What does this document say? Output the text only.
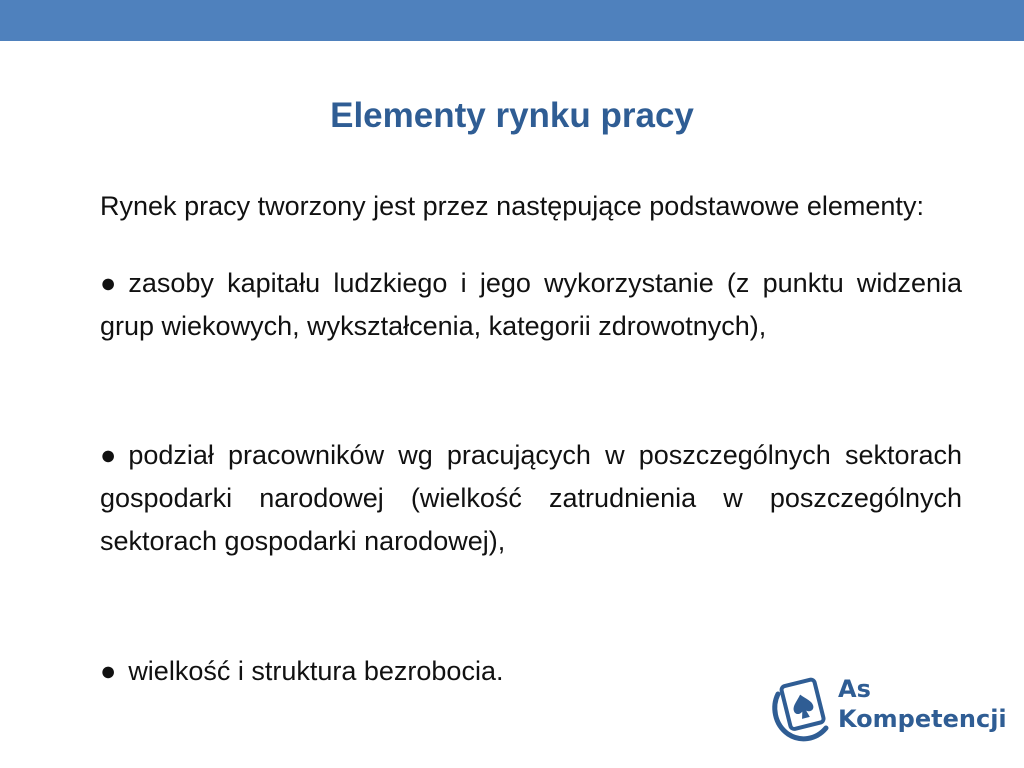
Elementy rynku pracy

Rynek pracy tworzony jest przez następujące podstawowe elementy:

● zasoby kapitału ludzkiego i jego wykorzystanie (z punktu widzenia grup wiekowych, wykształcenia, kategorii zdrowotnych),

● podział pracowników wg pracujących w poszczególnych sektorach gospodarki narodowej (wielkość zatrudnienia w poszczególnych sektorach gospodarki narodowej),

● wielkość i struktura bezrobocia.

As
Kompetencji
